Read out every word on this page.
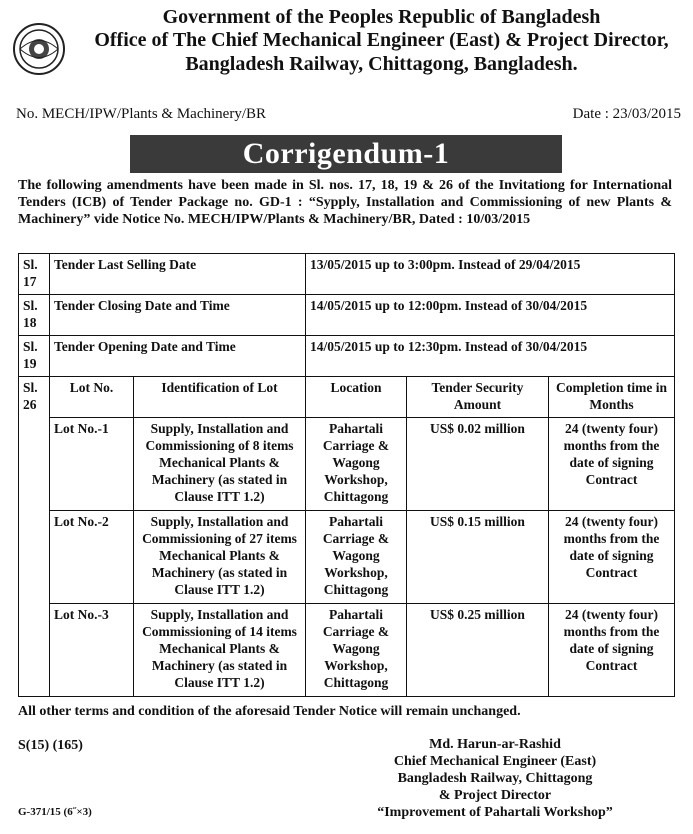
Government of the Peoples Republic of Bangladesh
Office of The Chief Mechanical Engineer (East) & Project Director,
Bangladesh Railway, Chittagong, Bangladesh.
No. MECH/IPW/Plants & Machinery/BR	Date : 23/03/2015
Corrigendum-1
The following amendments have been made in Sl. nos. 17, 18, 19 & 26 of the Invitationg for International Tenders (ICB) of Tender Package no. GD-1 : “Sypply, Installation and Commissioning of new Plants & Machinery” vide Notice No. MECH/IPW/Plants & Machinery/BR, Dated : 10/03/2015
Sl. 17	Tender Last Selling Date		13/05/2015 up to 3:00pm. Instead of 29/04/2015		
Sl. 18	Tender Closing Date and Time		14/05/2015 up to 12:00pm. Instead of 30/04/2015		
Sl. 19	Tender Opening Date and Time		14/05/2015 up to 12:30pm. Instead of 30/04/2015		
Sl. 26	Lot No.	Identification of Lot	Location	Tender Security Amount	Completion time in Months
	Lot No.-1	Supply, Installation and Commissioning of 8 items Mechanical Plants & Machinery (as stated in Clause ITT 1.2)	Pahartali Carriage & Wagong Workshop, Chittagong	US$ 0.02 million	24 (twenty four) months from the date of signing Contract
	Lot No.-2	Supply, Installation and Commissioning of 27 items Mechanical Plants & Machinery (as stated in Clause ITT 1.2)	Pahartali Carriage & Wagong Workshop, Chittagong	US$ 0.15 million	24 (twenty four) months from the date of signing Contract
	Lot No.-3	Supply, Installation and Commissioning of 14 items Mechanical Plants & Machinery (as stated in Clause ITT 1.2)	Pahartali Carriage & Wagong Workshop, Chittagong	US$ 0.25 million	24 (twenty four) months from the date of signing Contract
All other terms and condition of the aforesaid Tender Notice will remain unchanged.
S(15) (165)	Md. Harun-ar-Rashid
Chief Mechanical Engineer (East)
Bangladesh Railway, Chittagong
& Project Director
“Improvement of Pahartali Workshop”
G-371/15 (6˝×3)
